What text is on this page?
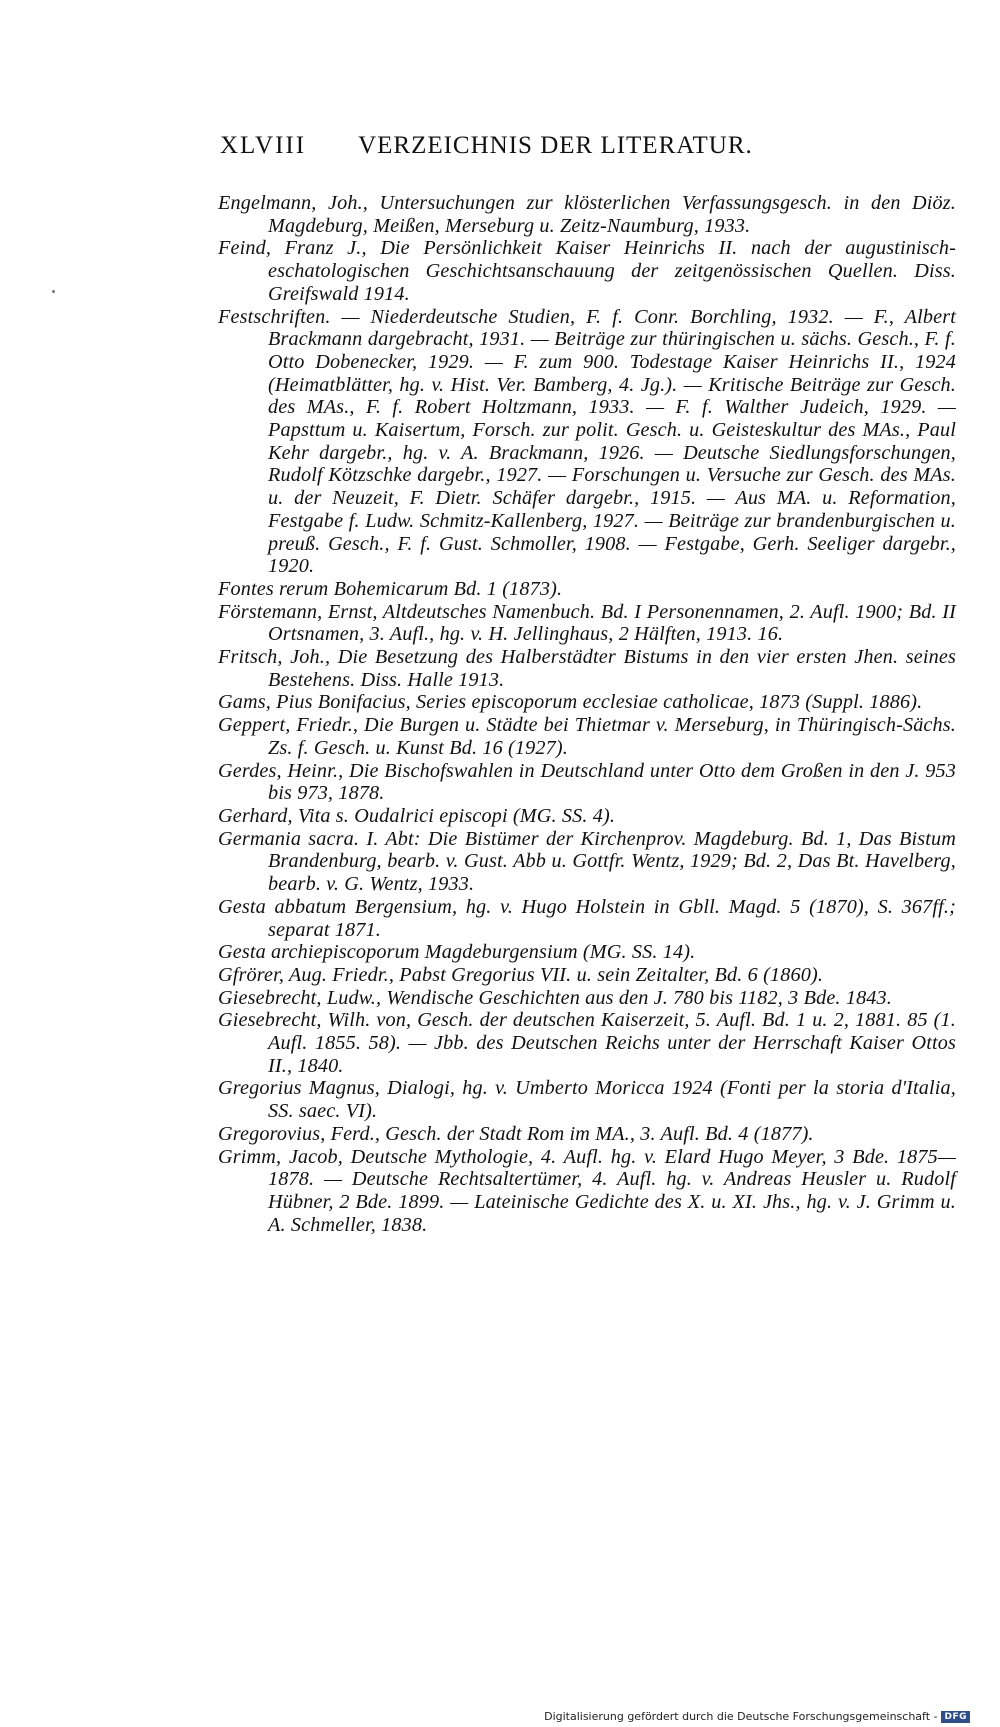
XLVIII VERZEICHNIS DER LITERATUR.

Engelmann, Joh., Untersuchungen zur klösterlichen Verfassungsgesch. in den Diöz. Magdeburg, Meißen, Merseburg u. Zeitz-Naumburg, 1933.

Feind, Franz J., Die Persönlichkeit Kaiser Heinrichs II. nach der augustinisch-eschatologischen Geschichtsanschauung der zeitgenössischen Quellen. Diss. Greifswald 1914.

Festschriften. — Niederdeutsche Studien, F. f. Conr. Borchling, 1932. — F., Albert Brackmann dargebracht, 1931. — Beiträge zur thüringischen u. sächs. Gesch., F. f. Otto Dobenecker, 1929. — F. zum 900. Todestage Kaiser Heinrichs II., 1924 (Heimatblätter, hg. v. Hist. Ver. Bamberg, 4. Jg.). — Kritische Beiträge zur Gesch. des MAs., F. f. Robert Holtzmann, 1933. — F. f. Walther Judeich, 1929. — Papsttum u. Kaisertum, Forsch. zur polit. Gesch. u. Geisteskultur des MAs., Paul Kehr dargebr., hg. v. A. Brackmann, 1926. — Deutsche Siedlungsforschungen, Rudolf Kötzschke dargebr., 1927. — Forschungen u. Versuche zur Gesch. des MAs. u. der Neuzeit, F. Dietr. Schäfer dargebr., 1915. — Aus MA. u. Reformation, Festgabe f. Ludw. Schmitz-Kallenberg, 1927. — Beiträge zur brandenburgischen u. preuß. Gesch., F. f. Gust. Schmoller, 1908. — Festgabe, Gerh. Seeliger dargebr., 1920.

Fontes rerum Bohemicarum Bd. 1 (1873).

Förstemann, Ernst, Altdeutsches Namenbuch. Bd. I Personennamen, 2. Aufl. 1900; Bd. II Ortsnamen, 3. Aufl., hg. v. H. Jellinghaus, 2 Hälften, 1913. 16.

Fritsch, Joh., Die Besetzung des Halberstädter Bistums in den vier ersten Jhen. seines Bestehens. Diss. Halle 1913.

Gams, Pius Bonifacius, Series episcoporum ecclesiae catholicae, 1873 (Suppl. 1886).

Geppert, Friedr., Die Burgen u. Städte bei Thietmar v. Merseburg, in Thüringisch-Sächs. Zs. f. Gesch. u. Kunst Bd. 16 (1927).

Gerdes, Heinr., Die Bischofswahlen in Deutschland unter Otto dem Großen in den J. 953 bis 973, 1878.

Gerhard, Vita s. Oudalrici episcopi (MG. SS. 4).

Germania sacra. I. Abt: Die Bistümer der Kirchenprov. Magdeburg. Bd. 1, Das Bistum Brandenburg, bearb. v. Gust. Abb u. Gottfr. Wentz, 1929; Bd. 2, Das Bt. Havelberg, bearb. v. G. Wentz, 1933.

Gesta abbatum Bergensium, hg. v. Hugo Holstein in Gbll. Magd. 5 (1870), S. 367ff.; separat 1871.

Gesta archiepiscoporum Magdeburgensium (MG. SS. 14).

Gfrörer, Aug. Friedr., Pabst Gregorius VII. u. sein Zeitalter, Bd. 6 (1860).

Giesebrecht, Ludw., Wendische Geschichten aus den J. 780 bis 1182, 3 Bde. 1843.

Giesebrecht, Wilh. von, Gesch. der deutschen Kaiserzeit, 5. Aufl. Bd. 1 u. 2, 1881. 85 (1. Aufl. 1855. 58). — Jbb. des Deutschen Reichs unter der Herrschaft Kaiser Ottos II., 1840.

Gregorius Magnus, Dialogi, hg. v. Umberto Moricca 1924 (Fonti per la storia d'Italia, SS. saec. VI).

Gregorovius, Ferd., Gesch. der Stadt Rom im MA., 3. Aufl. Bd. 4 (1877).

Grimm, Jacob, Deutsche Mythologie, 4. Aufl. hg. v. Elard Hugo Meyer, 3 Bde. 1875—1878. — Deutsche Rechtsaltertümer, 4. Aufl. hg. v. Andreas Heusler u. Rudolf Hübner, 2 Bde. 1899. — Lateinische Gedichte des X. u. XI. Jhs., hg. v. J. Grimm u. A. Schmeller, 1838.

Digitalisierung gefördert durch die Deutsche Forschungsgemeinschaft - DFG
